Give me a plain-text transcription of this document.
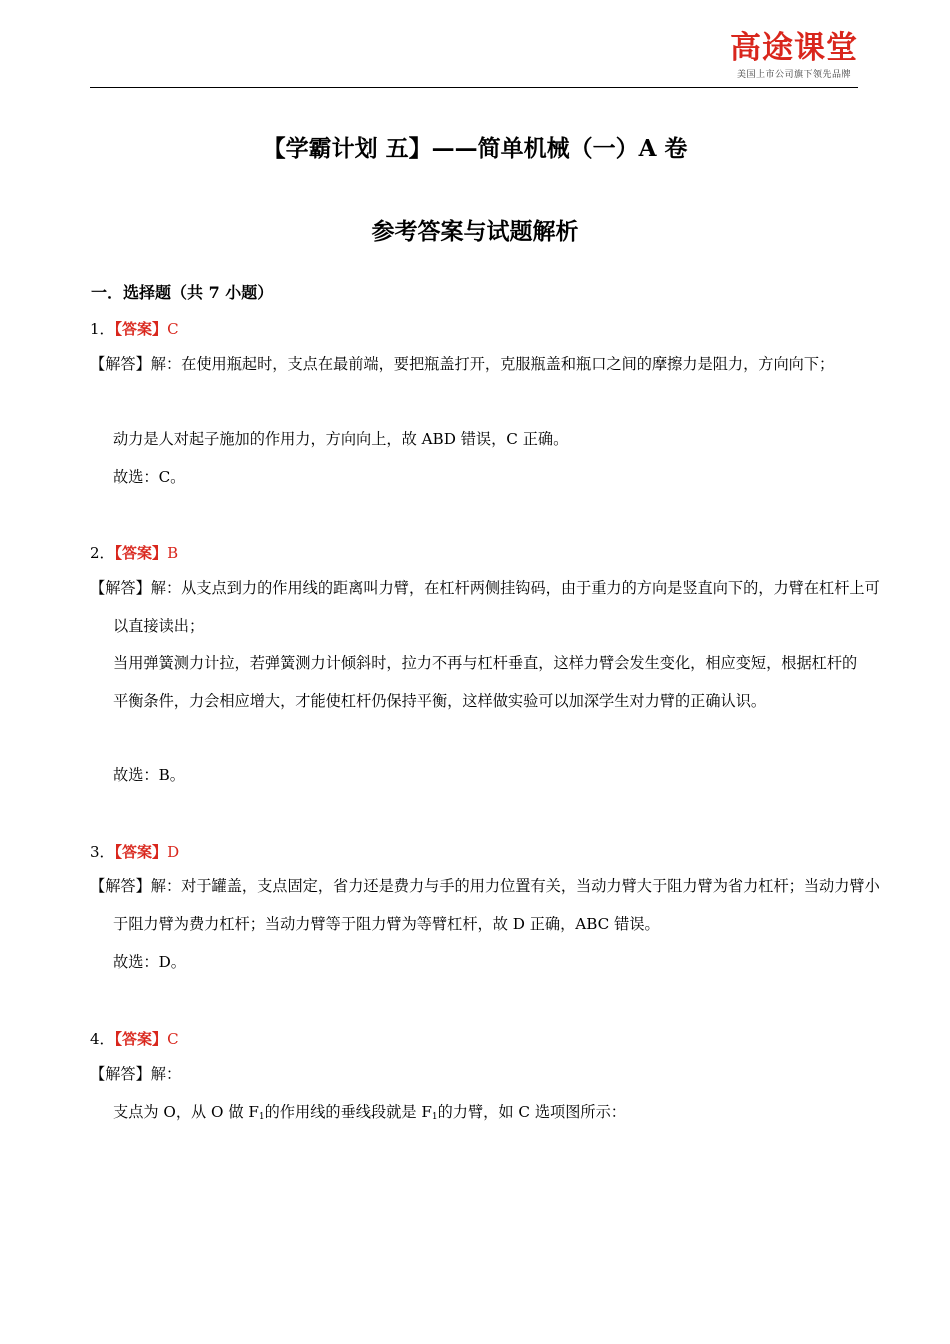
高途课堂
美国上市公司旗下领先品牌
【学霸计划 五】——简单机械（一）A 卷
参考答案与试题解析
一．选择题（共 7 小题）
1．【答案】C
【解答】解：在使用瓶起时，支点在最前端，要把瓶盖打开，克服瓶盖和瓶口之间的摩擦力是阻力，方向向下；
动力是人对起子施加的作用力，方向向上，故 ABD 错误，C 正确。
故选：C。
2．【答案】B
【解答】解：从支点到力的作用线的距离叫力臂，在杠杆两侧挂钩码，由于重力的方向是竖直向下的，力臂在杠杆上可以直接读出；
当用弹簧测力计拉，若弹簧测力计倾斜时，拉力不再与杠杆垂直，这样力臂会发生变化，相应变短，根据杠杆的平衡条件，力会相应增大，才能使杠杆仍保持平衡，这样做实验可以加深学生对力臂的正确认识。
故选：B。
3．【答案】D
【解答】解：对于罐盖，支点固定，省力还是费力与手的用力位置有关，当动力臂大于阻力臂为省力杠杆；当动力臂小于阻力臂为费力杠杆；当动力臂等于阻力臂为等臂杠杆，故 D 正确，ABC 错误。
故选：D。
4．【答案】C
【解答】解：
支点为 O，从 O 做 $F_1$的作用线的垂线段就是 $F_1$的力臂，如 C 选项图所示：
